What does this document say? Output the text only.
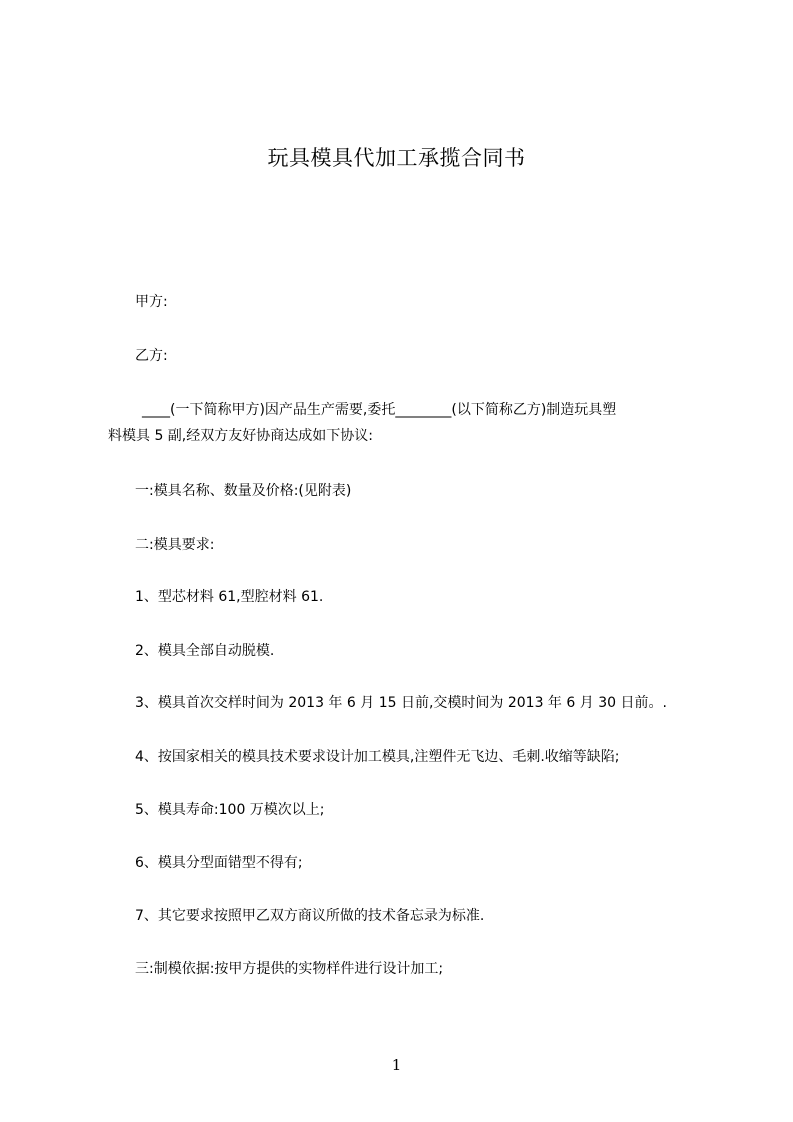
玩具模具代加工承揽合同书
甲方:
乙方:
____(一下简称甲方)因产品生产需要,委托________(以下简称乙方)制造玩具塑
料模具 5 副,经双方友好协商达成如下协议:
一:模具名称、数量及价格:(见附表)
二:模具要求:
1、型芯材料 61,型腔材料 61.
2、模具全部自动脱模.
3、模具首次交样时间为 2013 年 6 月 15 日前,交模时间为 2013 年 6 月 30 日前。.
4、按国家相关的模具技术要求设计加工模具,注塑件无飞边、毛刺.收缩等缺陷;
5、模具寿命:100 万模次以上;
6、模具分型面错型不得有;
7、其它要求按照甲乙双方商议所做的技术备忘录为标准.
三:制模依据:按甲方提供的实物样件进行设计加工;
1
